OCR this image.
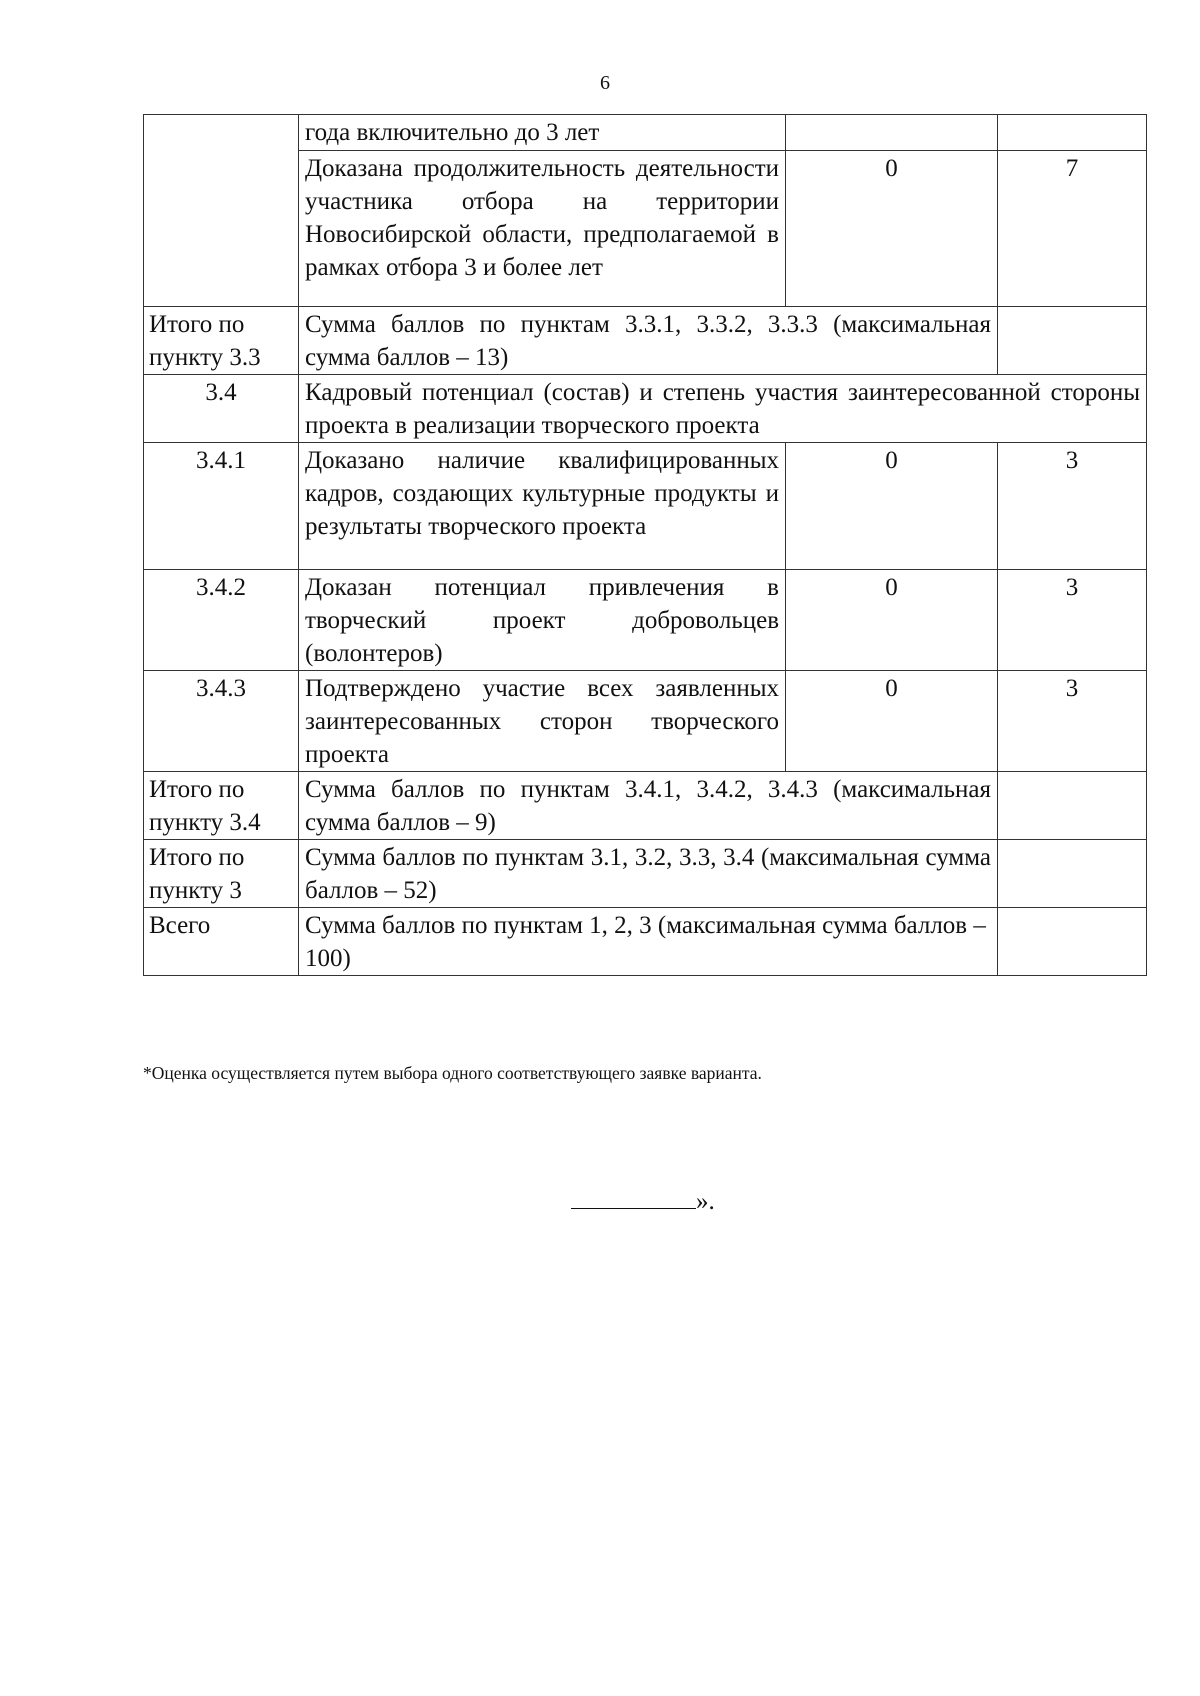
6
	года включительно до 3 лет		
	Доказана продолжительность деятельности участника отбора на территории Новосибирской области, предполагаемой в рамках отбора 3 и более лет	0	7
Итого по пункту 3.3	Сумма баллов по пунктам 3.3.1, 3.3.2, 3.3.3 (максимальная сумма баллов – 13)		
3.4	Кадровый потенциал (состав) и степень участия заинтересованной стороны проекта в реализации творческого проекта		
3.4.1	Доказано наличие квалифицированных кадров, создающих культурные продукты и результаты творческого проекта	0	3
3.4.2	Доказан потенциал привлечения в творческий проект добровольцев (волонтеров)	0	3
3.4.3	Подтверждено участие всех заявленных заинтересованных сторон творческого проекта	0	3
Итого по пункту 3.4	Сумма баллов по пунктам 3.4.1, 3.4.2, 3.4.3 (максимальная сумма баллов – 9)		
Итого по пункту 3	Сумма баллов по пунктам 3.1, 3.2, 3.3, 3.4 (максимальная сумма баллов – 52)		
Всего	Сумма баллов по пунктам 1, 2, 3 (максимальная сумма баллов – 100)		
*Оценка осуществляется путем выбора одного соответствующего заявке варианта.
».
